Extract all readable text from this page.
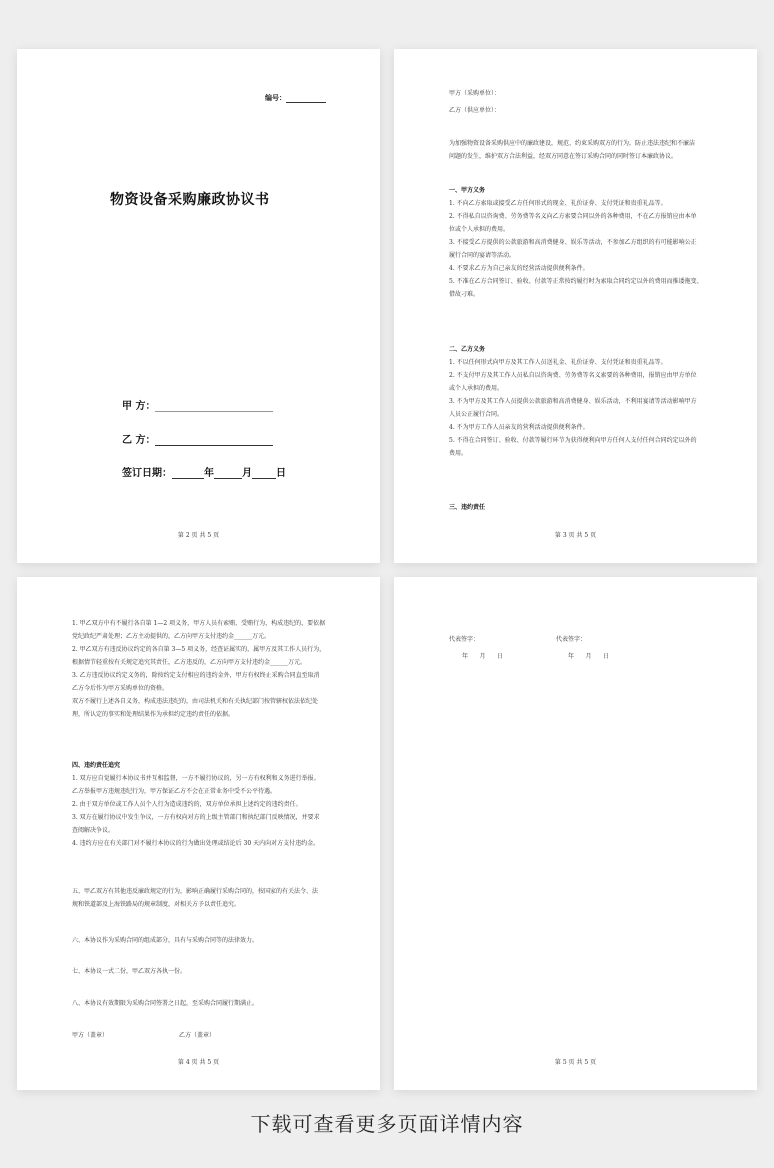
编号：
物资设备采购廉政协议书
甲 方：
乙 方：
签订日期：	年	月 日
第 2 页 共 5 页

甲方（采购单位）：

乙方（供应单位）：

为加强物资设备采购供应中的廉政建设，规范、约束采购双方的行为，防止违法违纪和不廉洁

问题的发生，维护双方合法利益，经双方同意在签订采购合同的同时签订本廉政协议。

一、甲方义务

1. 不向乙方索取或接受乙方任何形式的现金、礼价证券、支付凭证和贵重礼品等。

2. 不得私自以咨询费、劳务费等名义向乙方索要合同以外的各种费用，不在乙方报销应由本单

位或个人承担的费用。

3. 不接受乙方提供的公款旅游和高消费健身、娱乐等活动，不参加乙方组织的有可能影响公正

履行合同的宴请等活动。

4. 不要求乙方为自己亲友的经营活动提供便利条件。

5. 不准在乙方合同签订、验收、付款等正常按约履行时为索取合同约定以外的费用而推诿拖变、

借故刁难。

二、乙方义务

1. 不以任何形式向甲方及其工作人员送礼金、礼价证券、支付凭证和贵重礼品等。

2. 不支付甲方及其工作人员私自以咨询费、劳务费等名义索要的各种费用，报销应由甲方单位

或个人承担的费用。

3. 不为甲方及其工作人员提供公款旅游和高消费健身、娱乐活动，不利用宴请等活动影响甲方

人员公正履行合同。

4. 不为甲方工作人员亲友的营利活动提供便利条件。

5. 不得在合同签订、验收、付款等履行环节为获得便利向甲方任何人支付任何合同约定以外的

费用。

三、违约责任

第 3 页 共 5 页

1. 甲乙双方中有不履行各自第 1—2 项义务，甲方人员有索贿、受贿行为，构成违纪的，要依据

党纪政纪严肃处理；乙方主动提供的，乙方向甲方支付违约金______万元。

2. 甲乙双方有违反协议约定的各自第 3—5 项义务，经查证属实的，属甲方及其工作人员行为，

根据情节轻重按有关规定追究其责任，乙方违反的，乙方向甲方支付违约金______万元。

3. 乙方违反协议约定义务的，除按约定支付相应的违约金外，甲方有权终止采购合同直至取消

乙方今后作为甲方采购单位的资格。

双方不履行上述各自义务，构成违法违纪的，由司法机关和有关执纪部门按管辖权依法依纪处

理，所认定的事实和处理结果作为承担约定违约责任的依据。

四、违约责任追究

1. 双方应自觉履行本协议书并互相监督，一方不履行协议的，另一方有权利和义务进行举报。

乙方举报甲方违规违纪行为，甲方保证乙方不会在正常业务中受不公平待遇。

2. 由于双方单位或工作人员个人行为造成违约的，双方单位承担上述约定的违约责任。

3. 双方在履行协议中发生争议，一方有权向对方的上级主管部门和执纪部门反映情况，并要求

查阅解决争议。

4. 违约方应在有关部门对不履行本协议的行为做出处理或结论后 30 天内向对方支付违约金。

五、甲乙双方有其他违反廉政规定的行为，影响正确履行采购合同的，按国家的有关法令、法

规和铁道部及上海铁路局的规章制度，对相关方予以责任追究。

六、本协议作为采购合同的组成部分，具有与采购合同等的法律效力。
七、本协议一式二份，甲乙双方各执一份。
八、本协议有效期限为采购合同签署之日起，至采购合同履行期满止。
甲方（盖章）	乙方（盖章）
第 4 页 共 5 页
代表签字：	代表签字：
年      月      日	年      月      日
第 5 页 共 5 页
下载可查看更多页面详情内容
